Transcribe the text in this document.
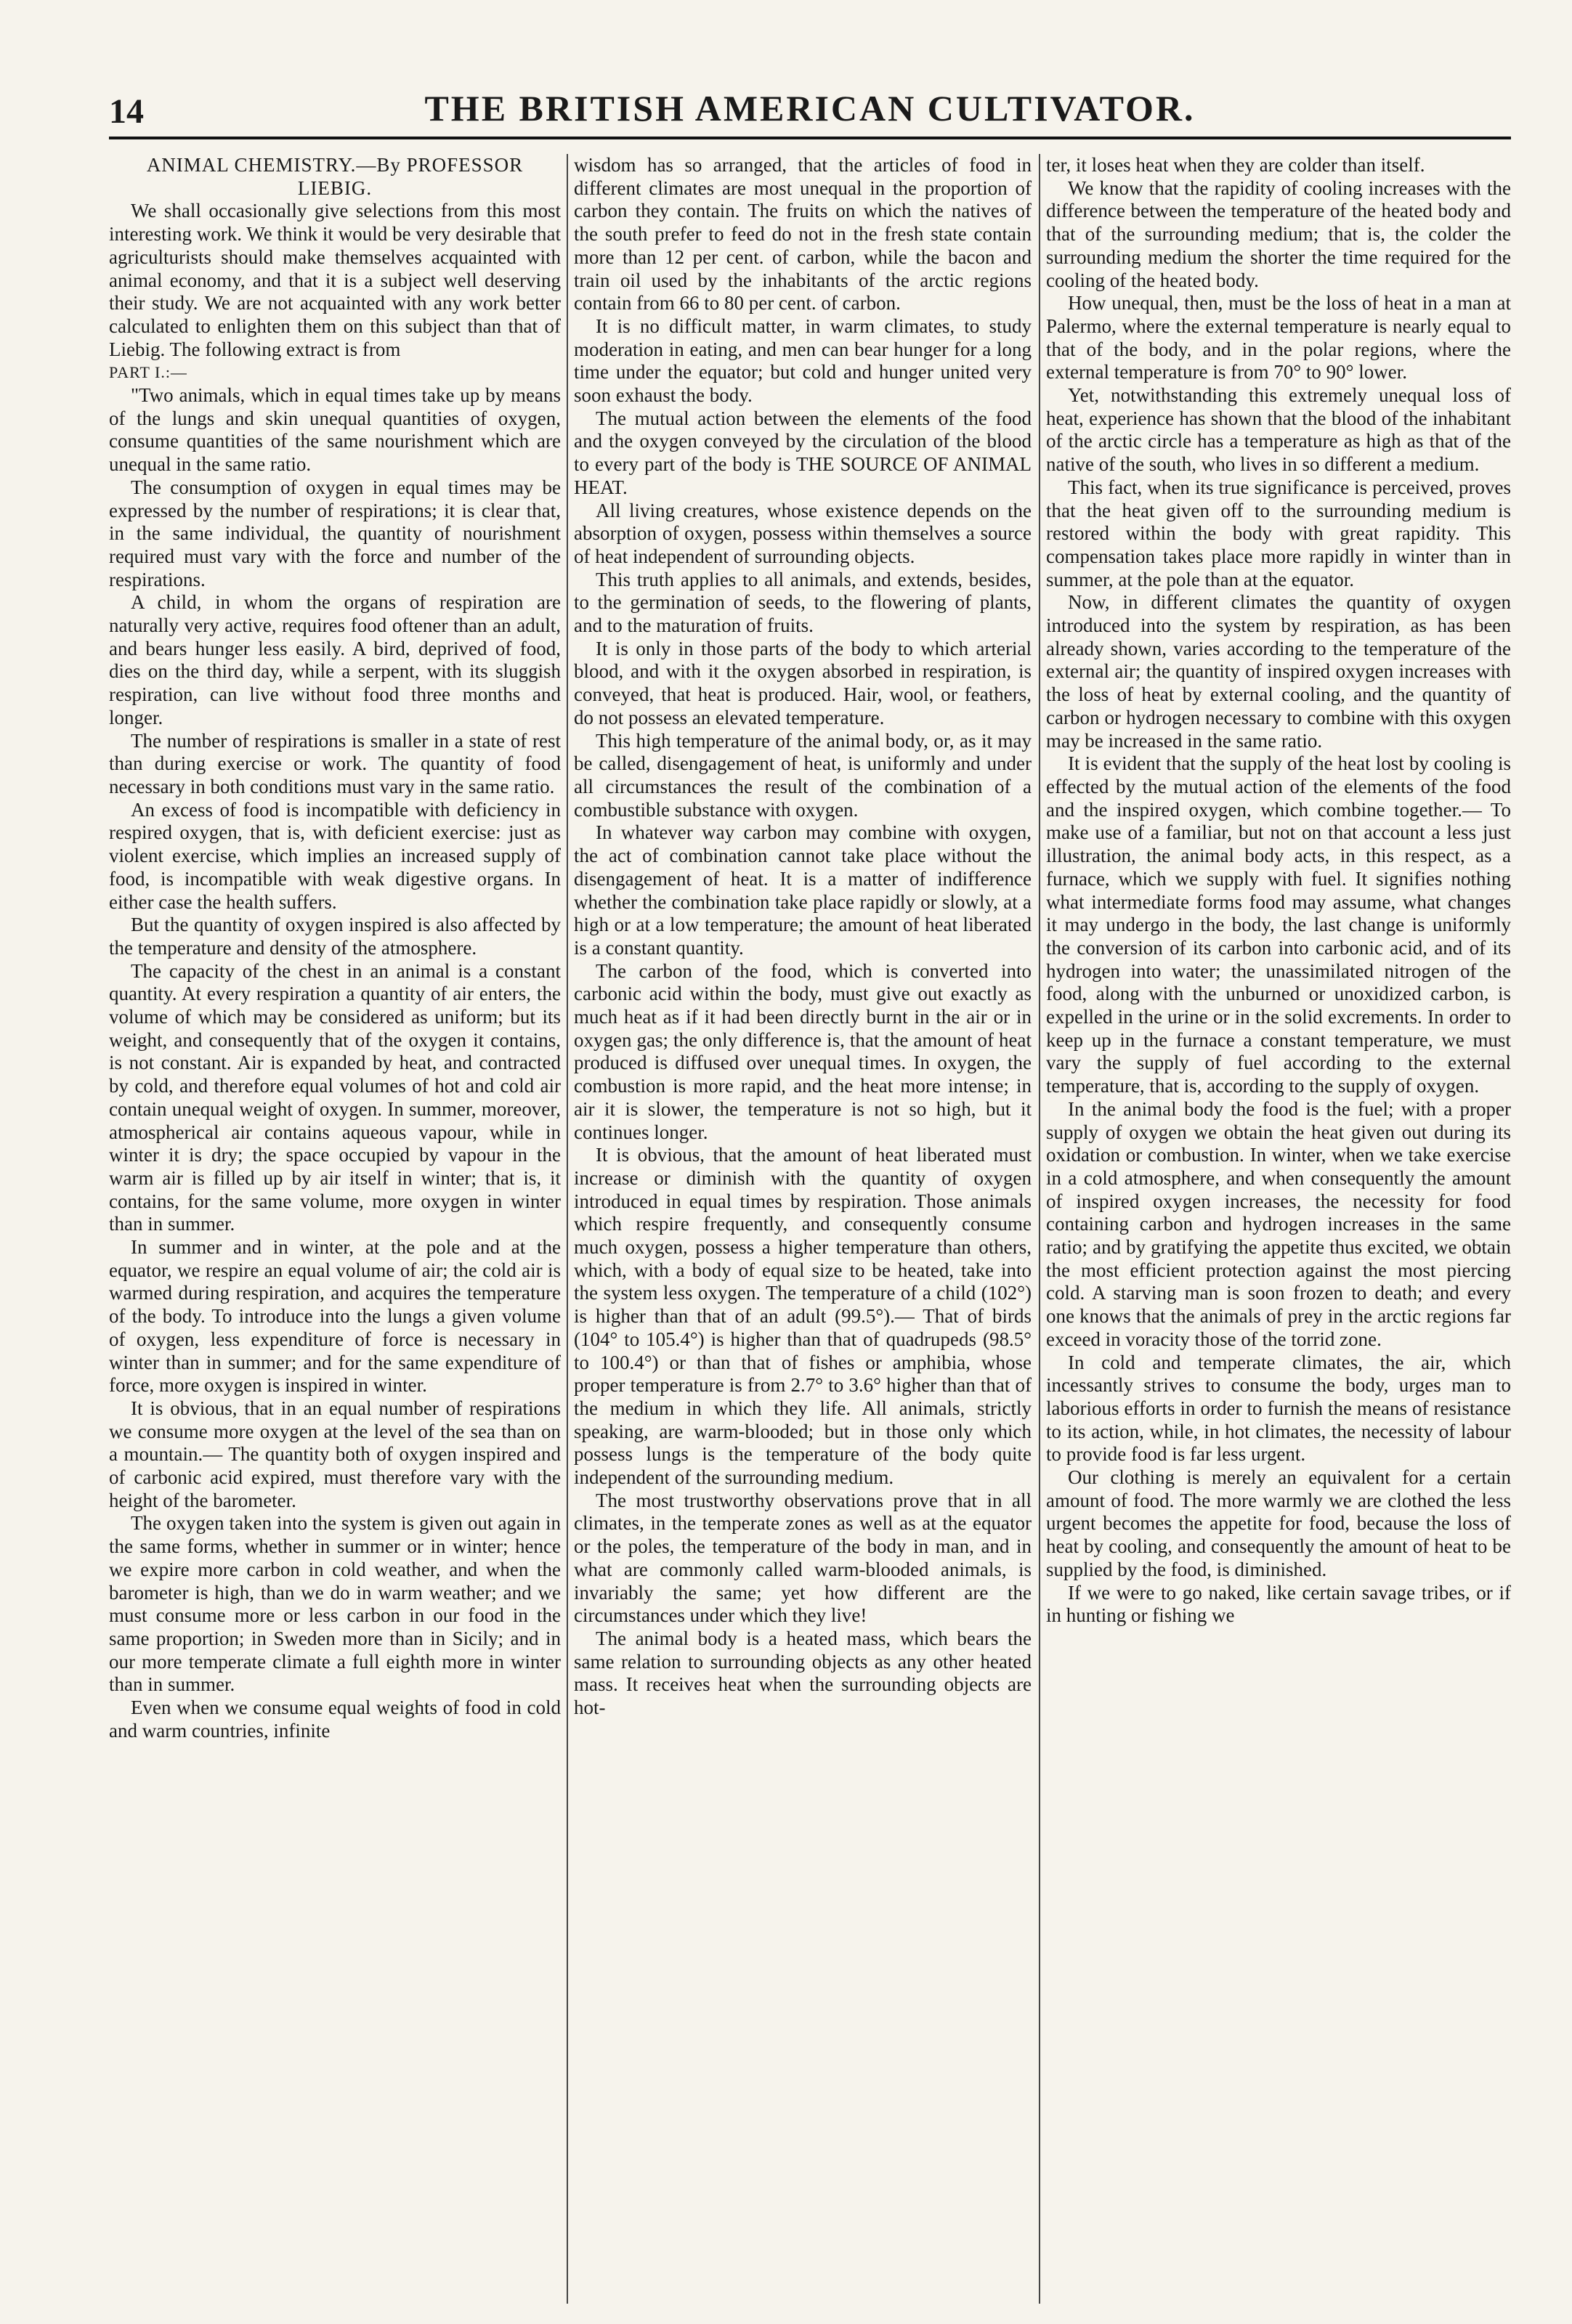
14	THE BRITISH AMERICAN CULTIVATOR.

ANIMAL CHEMISTRY.—By PROFESSOR LIEBIG.

We shall occasionally give selections from this most interesting work. We think it would be very desirable that agriculturists should make themselves acquainted with animal economy, and that it is a subject well deserving their study. We are not acquainted with any work better calculated to enlighten them on this subject than that of Liebig. The following extract is from

PART I.:—

"Two animals, which in equal times take up by means of the lungs and skin unequal quantities of oxygen, consume quantities of the same nourishment which are unequal in the same ratio.

The consumption of oxygen in equal times may be expressed by the number of respirations; it is clear that, in the same individual, the quantity of nourishment required must vary with the force and number of the respirations.

A child, in whom the organs of respiration are naturally very active, requires food oftener than an adult, and bears hunger less easily. A bird, deprived of food, dies on the third day, while a serpent, with its sluggish respiration, can live without food three months and longer.

The number of respirations is smaller in a state of rest than during exercise or work. The quantity of food necessary in both conditions must vary in the same ratio.

An excess of food is incompatible with deficiency in respired oxygen, that is, with deficient exercise: just as violent exercise, which implies an increased supply of food, is incompatible with weak digestive organs. In either case the health suffers.

But the quantity of oxygen inspired is also affected by the temperature and density of the atmosphere.

The capacity of the chest in an animal is a constant quantity. At every respiration a quantity of air enters, the volume of which may be considered as uniform; but its weight, and consequently that of the oxygen it contains, is not constant. Air is expanded by heat, and contracted by cold, and therefore equal volumes of hot and cold air contain unequal weight of oxygen. In summer, moreover, atmospherical air contains aqueous vapour, while in winter it is dry; the space occupied by vapour in the warm air is filled up by air itself in winter; that is, it contains, for the same volume, more oxygen in winter than in summer.

In summer and in winter, at the pole and at the equator, we respire an equal volume of air; the cold air is warmed during respiration, and acquires the temperature of the body. To introduce into the lungs a given volume of oxygen, less expenditure of force is necessary in winter than in summer; and for the same expenditure of force, more oxygen is inspired in winter.

It is obvious, that in an equal number of respirations we consume more oxygen at the level of the sea than on a mountain.— The quantity both of oxygen inspired and of carbonic acid expired, must therefore vary with the height of the barometer.

The oxygen taken into the system is given out again in the same forms, whether in summer or in winter; hence we expire more carbon in cold weather, and when the barometer is high, than we do in warm weather; and we must consume more or less carbon in our food in the same proportion; in Sweden more than in Sicily; and in our more temperate climate a full eighth more in winter than in summer.

Even when we consume equal weights of food in cold and warm countries, infinite

wisdom has so arranged, that the articles of food in different climates are most unequal in the proportion of carbon they contain. The fruits on which the natives of the south prefer to feed do not in the fresh state contain more than 12 per cent. of carbon, while the bacon and train oil used by the inhabitants of the arctic regions contain from 66 to 80 per cent. of carbon.

It is no difficult matter, in warm climates, to study moderation in eating, and men can bear hunger for a long time under the equator; but cold and hunger united very soon exhaust the body.

The mutual action between the elements of the food and the oxygen conveyed by the circulation of the blood to every part of the body is THE SOURCE OF ANIMAL HEAT.

All living creatures, whose existence depends on the absorption of oxygen, possess within themselves a source of heat independent of surrounding objects.

This truth applies to all animals, and extends, besides, to the germination of seeds, to the flowering of plants, and to the maturation of fruits.

It is only in those parts of the body to which arterial blood, and with it the oxygen absorbed in respiration, is conveyed, that heat is produced. Hair, wool, or feathers, do not possess an elevated temperature.

This high temperature of the animal body, or, as it may be called, disengagement of heat, is uniformly and under all circumstances the result of the combination of a combustible substance with oxygen.

In whatever way carbon may combine with oxygen, the act of combination cannot take place without the disengagement of heat. It is a matter of indifference whether the combination take place rapidly or slowly, at a high or at a low temperature; the amount of heat liberated is a constant quantity.

The carbon of the food, which is converted into carbonic acid within the body, must give out exactly as much heat as if it had been directly burnt in the air or in oxygen gas; the only difference is, that the amount of heat produced is diffused over unequal times. In oxygen, the combustion is more rapid, and the heat more intense; in air it is slower, the temperature is not so high, but it continues longer.

It is obvious, that the amount of heat liberated must increase or diminish with the quantity of oxygen introduced in equal times by respiration. Those animals which respire frequently, and consequently consume much oxygen, possess a higher temperature than others, which, with a body of equal size to be heated, take into the system less oxygen. The temperature of a child (102°) is higher than that of an adult (99.5°).— That of birds (104° to 105.4°) is higher than that of quadrupeds (98.5° to 100.4°) or than that of fishes or amphibia, whose proper temperature is from 2.7° to 3.6° higher than that of the medium in which they life. All animals, strictly speaking, are warm-blooded; but in those only which possess lungs is the temperature of the body quite independent of the surrounding medium.

The most trustworthy observations prove that in all climates, in the temperate zones as well as at the equator or the poles, the temperature of the body in man, and in what are commonly called warm-blooded animals, is invariably the same; yet how different are the circumstances under which they live!

The animal body is a heated mass, which bears the same relation to surrounding objects as any other heated mass. It receives heat when the surrounding objects are hot-

ter, it loses heat when they are colder than itself.

We know that the rapidity of cooling increases with the difference between the temperature of the heated body and that of the surrounding medium; that is, the colder the surrounding medium the shorter the time required for the cooling of the heated body.

How unequal, then, must be the loss of heat in a man at Palermo, where the external temperature is nearly equal to that of the body, and in the polar regions, where the external temperature is from 70° to 90° lower.

Yet, notwithstanding this extremely unequal loss of heat, experience has shown that the blood of the inhabitant of the arctic circle has a temperature as high as that of the native of the south, who lives in so different a medium.

This fact, when its true significance is perceived, proves that the heat given off to the surrounding medium is restored within the body with great rapidity. This compensation takes place more rapidly in winter than in summer, at the pole than at the equator.

Now, in different climates the quantity of oxygen introduced into the system by respiration, as has been already shown, varies according to the temperature of the external air; the quantity of inspired oxygen increases with the loss of heat by external cooling, and the quantity of carbon or hydrogen necessary to combine with this oxygen may be increased in the same ratio.

It is evident that the supply of the heat lost by cooling is effected by the mutual action of the elements of the food and the inspired oxygen, which combine together.— To make use of a familiar, but not on that account a less just illustration, the animal body acts, in this respect, as a furnace, which we supply with fuel. It signifies nothing what intermediate forms food may assume, what changes it may undergo in the body, the last change is uniformly the conversion of its carbon into carbonic acid, and of its hydrogen into water; the unassimilated nitrogen of the food, along with the unburned or unoxidized carbon, is expelled in the urine or in the solid excrements. In order to keep up in the furnace a constant temperature, we must vary the supply of fuel according to the external temperature, that is, according to the supply of oxygen.

In the animal body the food is the fuel; with a proper supply of oxygen we obtain the heat given out during its oxidation or combustion. In winter, when we take exercise in a cold atmosphere, and when consequently the amount of inspired oxygen increases, the necessity for food containing carbon and hydrogen increases in the same ratio; and by gratifying the appetite thus excited, we obtain the most efficient protection against the most piercing cold. A starving man is soon frozen to death; and every one knows that the animals of prey in the arctic regions far exceed in voracity those of the torrid zone.

In cold and temperate climates, the air, which incessantly strives to consume the body, urges man to laborious efforts in order to furnish the means of resistance to its action, while, in hot climates, the necessity of labour to provide food is far less urgent.

Our clothing is merely an equivalent for a certain amount of food. The more warmly we are clothed the less urgent becomes the appetite for food, because the loss of heat by cooling, and consequently the amount of heat to be supplied by the food, is diminished.

If we were to go naked, like certain savage tribes, or if in hunting or fishing we
